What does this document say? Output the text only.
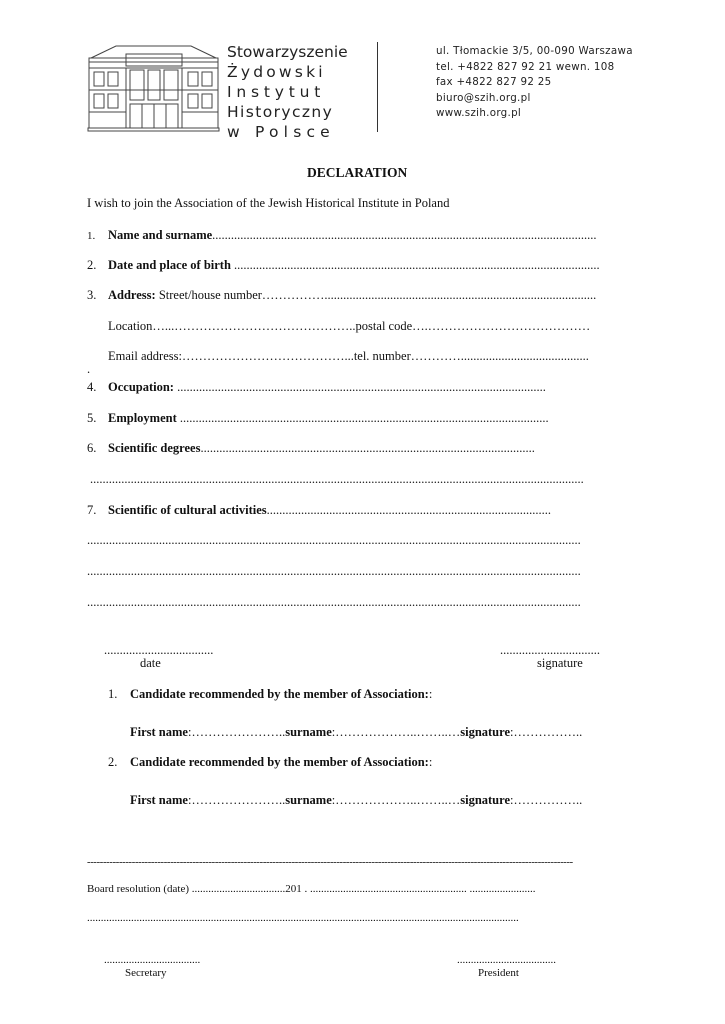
Stowarzyszenie
Żydowski
Instytut
Historyczny
w Polsce
ul. Tłomackie 3/5, 00-090 Warszawa
tel. +4822 827 92 21 wewn. 108
fax +4822 827 92 25
biuro@szih.org.pl
www.szih.org.pl
DECLARATION
I wish to join the Association of the Jewish Historical Institute in Poland
1. Name and surname...........................................................................................................................
2. Date and place of birth .....................................................................................................................
3. Address: Street/house number…………….......................................................................................
Location…...……………………………………..postal code….…………………………………
Email address:…………………………………...tel. number………….........................................
.
4. Occupation: ......................................................................................................................
5. Employment ......................................................................................................................
6. Scientific degrees...........................................................................................................
..............................................................................................................................................................
7. Scientific of cultural activities...........................................................................................
..............................................................................................................................................................
..............................................................................................................................................................
..............................................................................................................................................................
...................................
date
................................
signature
1. Candidate recommended by the member of Association::
First name:…………………..surname:………………..……..…signature:……………..
2. Candidate recommended by the member of Association::
First name:…………………..surname:………………..……..…signature:……………..
--------------------------------------------------------------------------------------------------------------------------------------------------------
Board resolution (date) ..................................201 . ......................................................... ........................
.............................................................................................................................................................
...................................
Secretary
....................................
President
